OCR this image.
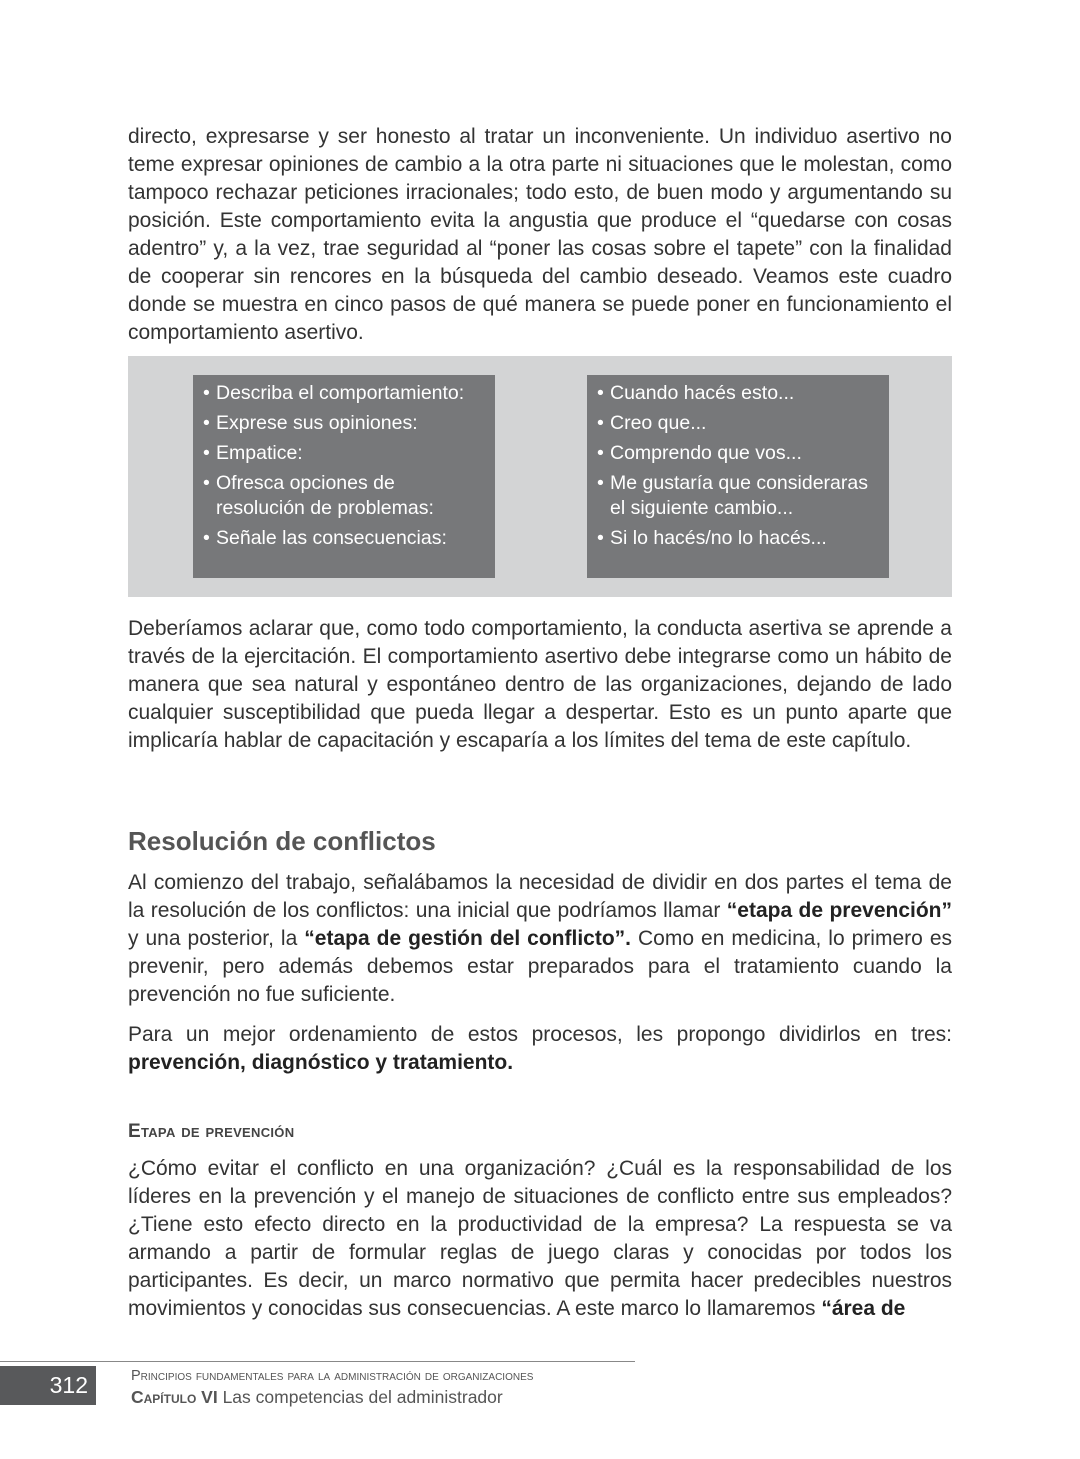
directo, expresarse y ser honesto al tratar un inconveniente. Un individuo asertivo no teme expresar opiniones de cambio a la otra parte ni situaciones que le molestan, como tampoco rechazar peticiones irracionales; todo esto, de buen modo y argumentando su posición. Este comportamiento evita la angustia que produce el “quedarse con cosas adentro” y, a la vez, trae seguridad al “poner las cosas sobre el tapete” con la finalidad de cooperar sin rencores en la búsqueda del cambio deseado. Veamos este cuadro donde se muestra en cinco pasos de qué manera se puede poner en funcionamiento el comportamiento asertivo.

• Describa el comportamiento:
• Exprese sus opiniones:
• Empatice:
• Ofresca opciones de resolución de problemas:
• Señale las consecuencias:
• Cuando hacés esto...
• Creo que...
• Comprendo que vos...
• Me gustaría que consideraras el siguiente cambio...
• Si lo hacés/no lo hacés...

Deberíamos aclarar que, como todo comportamiento, la conducta asertiva se aprende a través de la ejercitación. El comportamiento asertivo debe integrarse como un hábito de manera que sea natural y espontáneo dentro de las organizaciones, dejando de lado cualquier susceptibilidad que pueda llegar a despertar. Esto es un punto aparte que implicaría hablar de capacitación y escaparía a los límites del tema de este capítulo.

Resolución de conflictos

Al comienzo del trabajo, señalábamos la necesidad de dividir en dos partes el tema de la resolución de los conflictos: una inicial que podríamos llamar “etapa de prevención” y una posterior, la “etapa de gestión del conflicto”. Como en medicina, lo primero es prevenir, pero además debemos estar preparados para el tratamiento cuando la prevención no fue suficiente.

Para un mejor ordenamiento de estos procesos, les propongo dividirlos en tres: prevención, diagnóstico y tratamiento.

Etapa de prevención

¿Cómo evitar el conflicto en una organización? ¿Cuál es la responsabilidad de los líderes en la prevención y el manejo de situaciones de conflicto entre sus empleados? ¿Tiene esto efecto directo en la productividad de la empresa? La respuesta se va armando a partir de formular reglas de juego claras y conocidas por todos los participantes. Es decir, un marco normativo que permita hacer predecibles nuestros movimientos y conocidas sus consecuencias. A este marco lo llamaremos “área de

312	Principios fundamentales para la administración de organizaciones
Capítulo VI Las competencias del administrador
